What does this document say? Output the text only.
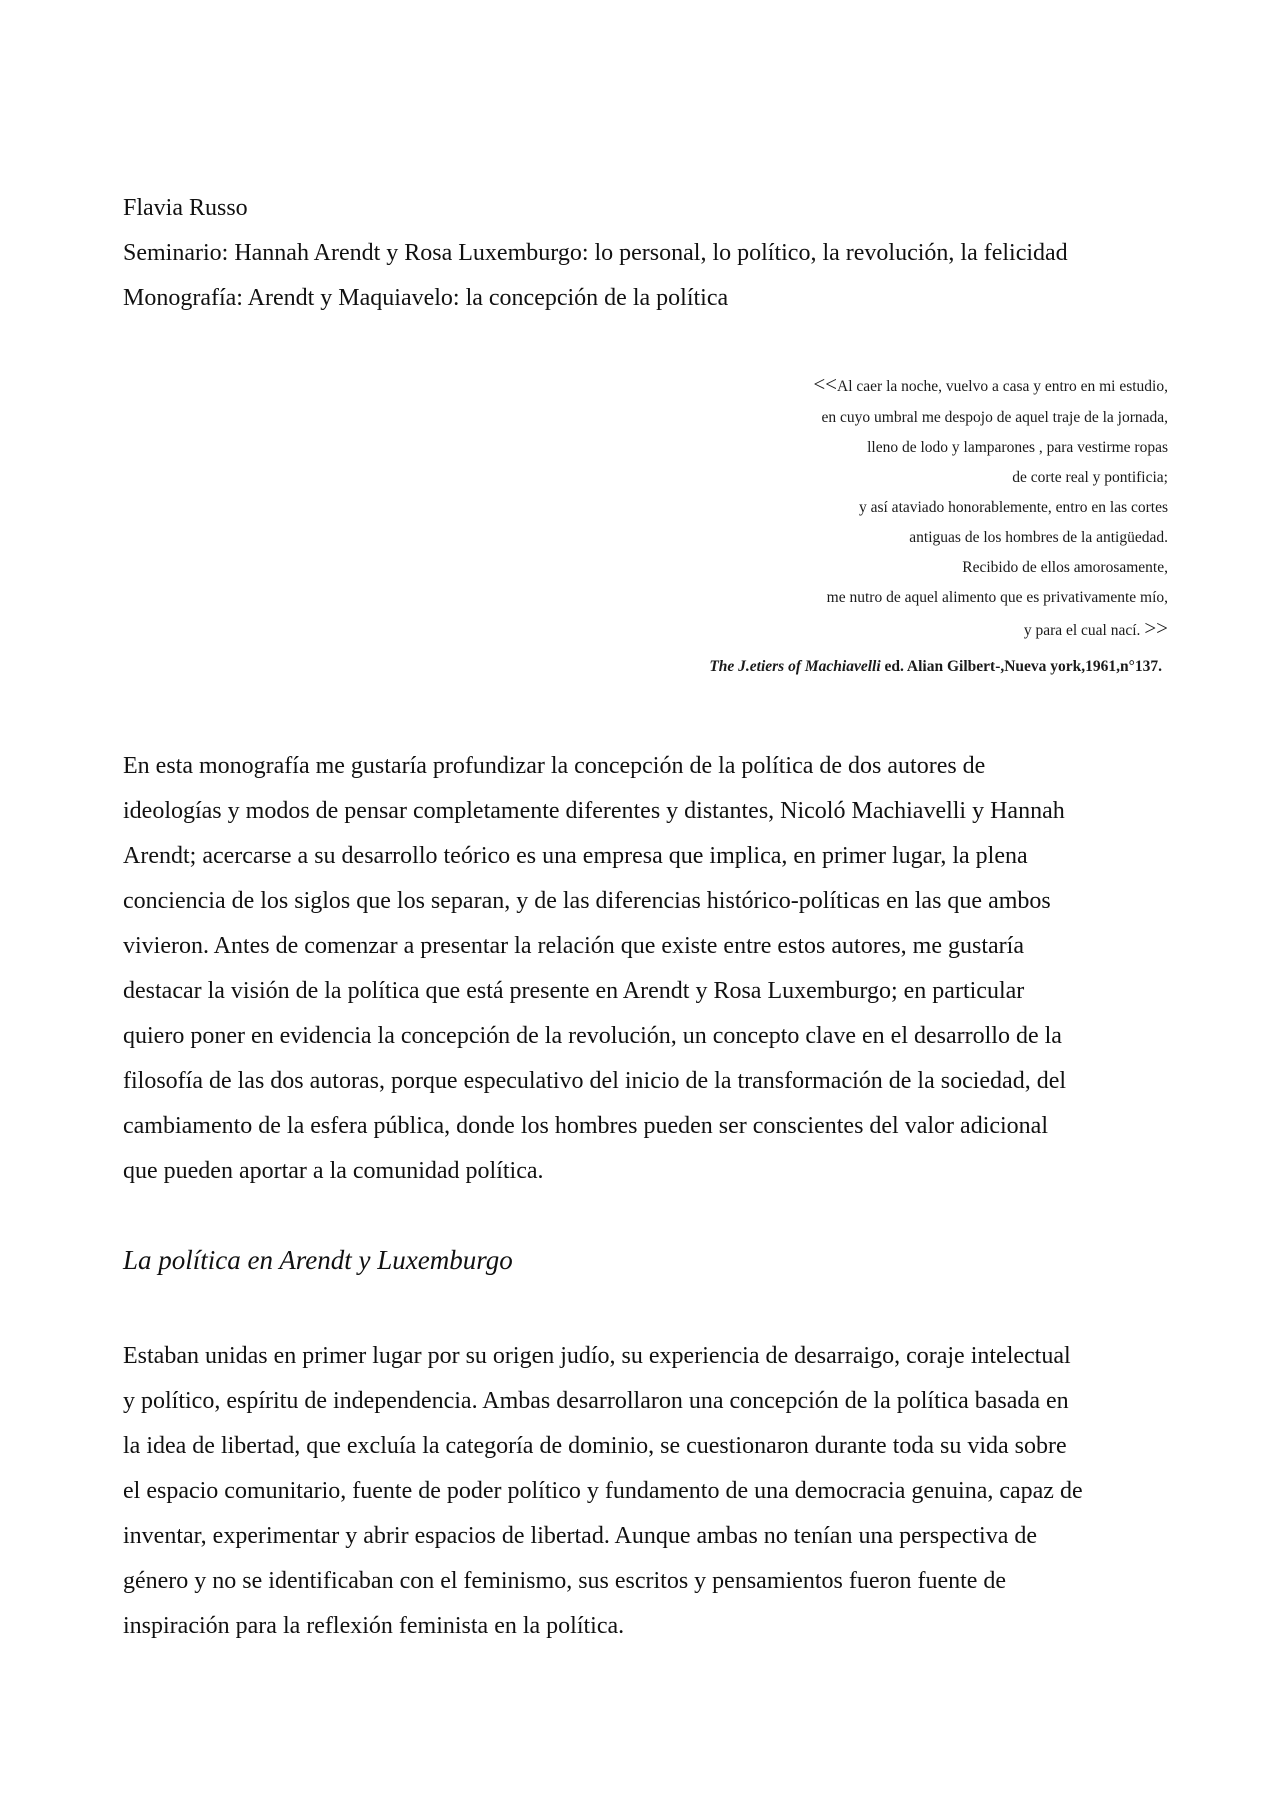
Flavia Russo
Seminario: Hannah Arendt y Rosa Luxemburgo: lo personal, lo político, la revolución, la felicidad
Monografía: Arendt y Maquiavelo: la concepción de la política
<<Al caer la noche, vuelvo a casa y entro en mi estudio,
en cuyo umbral me despojo de aquel traje de la jornada,
lleno de lodo y lamparones , para vestirme ropas
de corte real y pontificia;
y así ataviado honorablemente, entro en las cortes
antiguas de los hombres de la antigüedad.
Recibido de ellos amorosamente,
me nutro de aquel alimento que es privativamente mío,
y para el cual nací. >>
The J.etiers of Machiavelli ed. Alian Gilbert-,Nueva york,1961,n°137.
En esta monografía me gustaría profundizar la concepción de la política de dos autores de
ideologías y modos de pensar completamente diferentes y distantes, Nicoló Machiavelli y Hannah
Arendt; acercarse a su desarrollo teórico es una empresa que implica, en primer lugar, la plena
conciencia de los siglos que los separan, y de las diferencias histórico-políticas en las que ambos
vivieron. Antes de comenzar a presentar la relación que existe entre estos autores, me gustaría
destacar la visión de la política que está presente en Arendt y Rosa Luxemburgo; en particular
quiero poner en evidencia la concepción de la revolución, un concepto clave en el desarrollo de la
filosofía de las dos autoras, porque especulativo del inicio de la transformación de la sociedad, del
cambiamento de la esfera pública, donde los hombres pueden ser conscientes del valor adicional
que pueden aportar a la comunidad política.
La política en Arendt y Luxemburgo
Estaban unidas en primer lugar por su origen judío, su experiencia de desarraigo, coraje intelectual
y político, espíritu de independencia. Ambas desarrollaron una concepción de la política basada en
la idea de libertad, que excluía la categoría de dominio, se cuestionaron durante toda su vida sobre
el espacio comunitario, fuente de poder político y fundamento de una democracia genuina, capaz de
inventar, experimentar y abrir espacios de libertad. Aunque ambas no tenían una perspectiva de
género y no se identificaban con el feminismo, sus escritos y pensamientos fueron fuente de
inspiración para la reflexión feminista en la política.
